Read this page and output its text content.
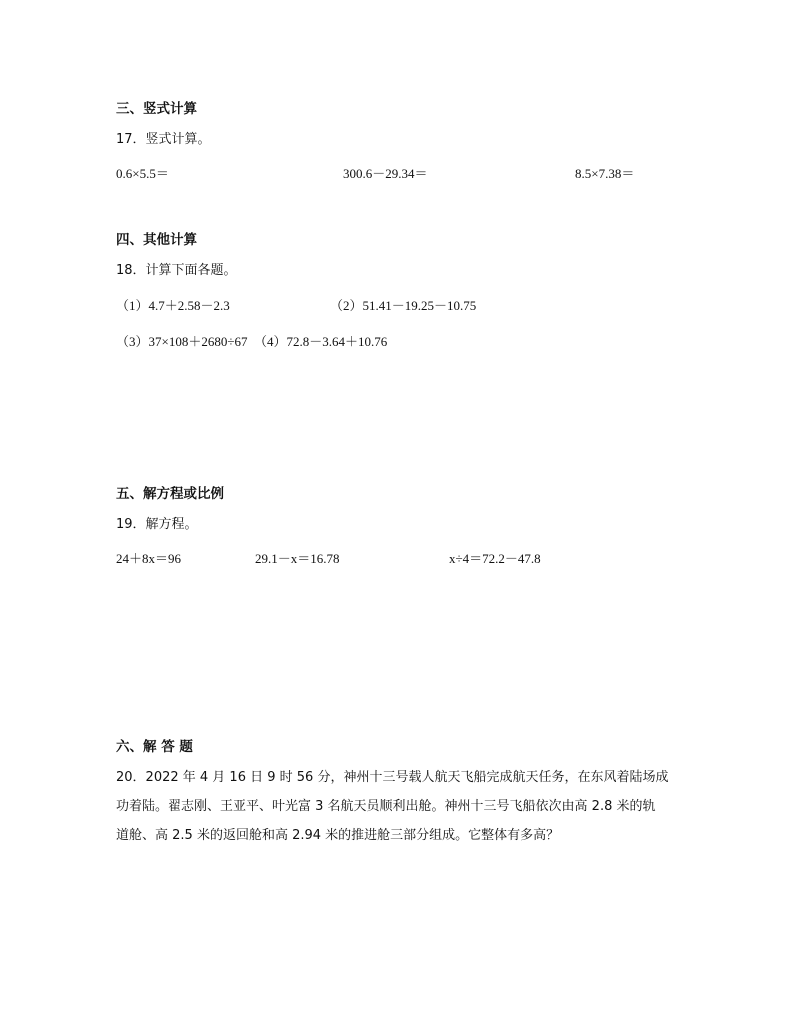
三、竖式计算
17．竖式计算。
0.6×5.5＝	300.6－29.34＝	8.5×7.38＝
四、其他计算
18．计算下面各题。
（1）4.7＋2.58－2.3	（2）51.41－19.25－10.75
（3）37×108＋2680÷67　（4）72.8－3.64＋10.76
五、解方程或比例
19．解方程。
24＋8x＝96	29.1－x＝16.78	x÷4＝72.2－47.8
六、解 答 题
20．2022 年 4 月 16 日 9 时 56 分，神州十三号载人航天飞船完成航天任务，在东风着陆场成
功着陆。翟志刚、王亚平、叶光富 3 名航天员顺利出舱。神州十三号飞船依次由高 2.8 米的轨
道舱、高 2.5 米的返回舱和高 2.94 米的推进舱三部分组成。它整体有多高？
